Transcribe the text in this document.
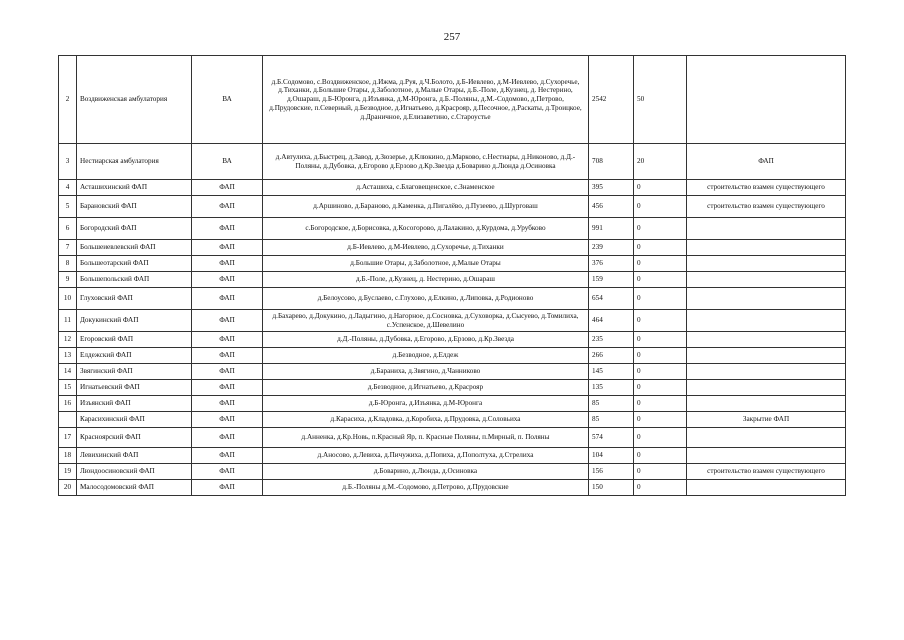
257
2	Воздвиженская амбулатория	ВА	д.Б.Содомово, с.Воздвиженское, д.Ижма, д.Руя, д.Ч.Болото, д.Б-Иевлево, д.М-Иевлево, д.Сухоречье, д.Тиханки, д.Большие Отары, д.Заболотное, д.Малые Отары, д.Б.-Поле, д.Кузнец, д. Нестерино, д.Ошараш, д.Б-Юронга, д.Изъянка, д.М-Юронга, д.Б.-Поляны, д.М.-Содомово, д.Петрово, д.Прудовские, п.Северный, д.Безводное, д.Игнатьево, д.Красрояр, д.Песочное, д.Раскаты, д.Троицкое, д.Драничное, д.Елизаветино, с.Староустье	2542	50	
3	Нестиарская амбулатория	ВА	д.Автулиха, д.Быстрец, д.Завод, д.Зюзерье, д.Клюкино, д.Марково, с.Нестиары, д.Никоново, д.Д.-Поляны, д.Дубовка, д.Егорово д.Ерзово д.Кр.Звезда д.Боварино д.Люнда д.Осиновка	708	20	ФАП
4	Асташихинский ФАП	ФАП	д.Асташиха, с.Благовещенское, с.Знаменское	395	0	строительство взамен существующего
5	Барановский ФАП	ФАП	д.Аршиново, д.Бараново, д.Каменка, д.Пигалёво, д.Пузеево, д.Шурговаш	456	0	строительство взамен существующего
6	Богородский ФАП	ФАП	с.Богородское, д.Борисовка, д.Косогорово, д.Лалакино, д.Курдома, д.Урубково	991	0	
7	Большеиевлевский ФАП	ФАП	д.Б-Иевлево, д.М-Иевлево, д.Сухоречье, д.Тиханки	239	0	
8	Большеотарский ФАП	ФАП	д.Большие Отары, д.Заболотное, д.Малые Отары	376	0	
9	Большепольский ФАП	ФАП	д.Б.-Поле, д.Кузнец, д. Нестерино, д.Ошараш	159	0	
10	Глуховский ФАП	ФАП	д.Белоусово, д.Буслаево, с.Глухово, д.Елкино, д.Липовка, д.Родионово	654	0	
11	Докукинский ФАП	ФАП	д.Бахарево, д.Докукино, д.Ладыгино, д.Нагорное, д.Сосновка, д.Суховорка, д.Сысуево, д.Томилиха, с.Успенское, д.Шевелино	464	0	
12	Егоровский ФАП	ФАП	д.Д.-Поляны, д.Дубовка, д.Егорово, д.Ерзово, д.Кр.Звезда	235	0	
13	Елдежский ФАП	ФАП	д.Безводное, д.Елдеж	266	0	
14	Звягинский ФАП	ФАП	д.Бараниха, д.Звягино, д.Чанниково	145	0	
15	Игнатьевский ФАП	ФАП	д.Безводное, д.Игнатьево, д.Красрояр	135	0	
16	Изъянский ФАП	ФАП	д.Б-Юронга, д.Изъянка, д.М-Юронга	85	0	
	Карасихинский ФАП	ФАП	д.Карасиха, д.Кладовка, д.Коробиха, д.Прудовка, д.Соловьиха	85	0	Закрытие ФАП
17	Красноярский ФАП	ФАП	д.Анненка, д.Кр.Новь, п.Красный Яр, п. Красные Поляны, п.Мирный, п. Поляны	574	0	
18	Левихинский ФАП	ФАП	д.Аносово, д.Левиха, д.Пичужиха, д.Попиха, д.Пополтуха, д.Стрелиха	104	0	
19	Люндоосиновский ФАП	ФАП	д.Боварино, д.Люнда, д.Осиновка	156	0	строительство взамен существующего
20	Малосодомовский ФАП	ФАП	д.Б.-Поляны д.М.-Содомово, д.Петрово, д.Прудовские	150	0	
